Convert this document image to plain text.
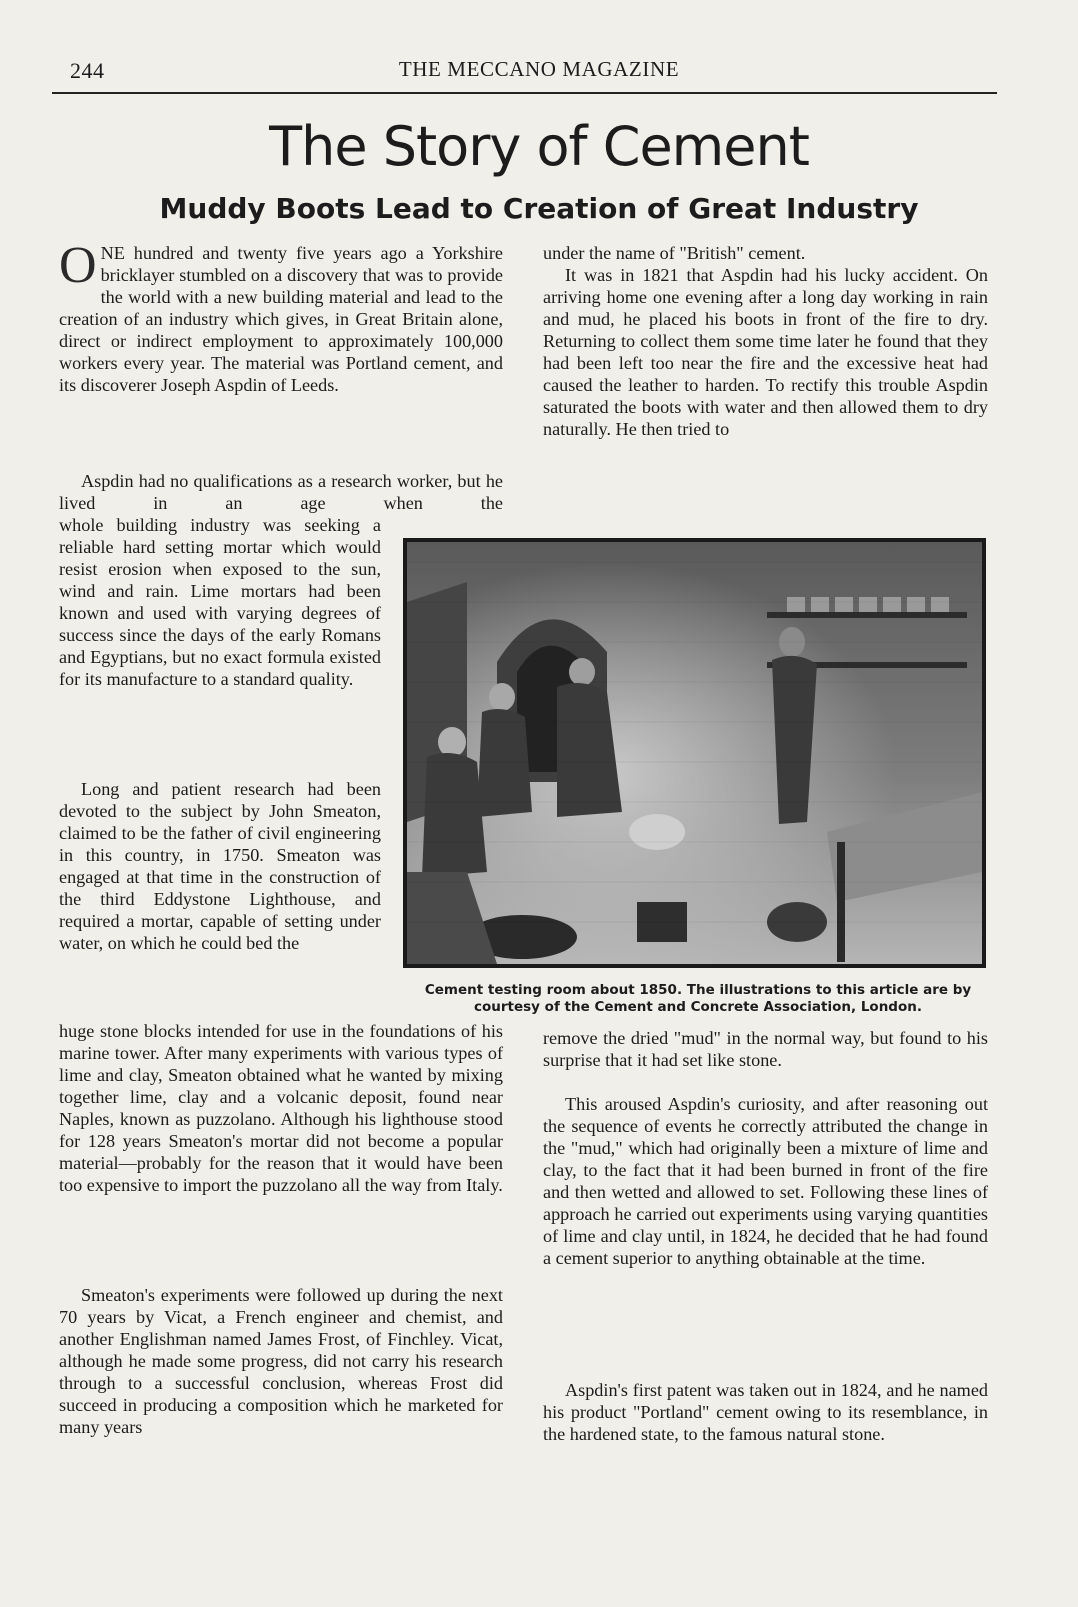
244	THE MECCANO MAGAZINE
The Story of Cement
Muddy Boots Lead to Creation of Great Industry

ONE hundred and twenty five years ago a Yorkshire bricklayer stumbled on a discovery that was to provide the world with a new building material and lead to the creation of an industry which gives, in Great Britain alone, direct or indirect employment to approximately 100,000 workers every year. The material was Portland cement, and its discoverer Joseph Aspdin of Leeds.

Aspdin had no qualifications as a research worker, but he lived in an age when the

whole building industry was seeking a reliable hard setting mortar which would resist erosion when exposed to the sun, wind and rain. Lime mortars had been known and used with varying degrees of success since the days of the early Romans and Egyptians, but no exact formula existed for its manufacture to a standard quality.

Long and patient research had been devoted to the subject by John Smeaton, claimed to be the father of civil engineering in this country, in 1750. Smeaton was engaged at that time in the construction of the third Eddystone Lighthouse, and required a mortar, capable of setting under water, on which he could bed the

huge stone blocks intended for use in the foundations of his marine tower. After many experiments with various types of lime and clay, Smeaton obtained what he wanted by mixing together lime, clay and a volcanic deposit, found near Naples, known as puzzolano. Although his lighthouse stood for 128 years Smeaton's mortar did not become a popular material—probably for the reason that it would have been too expensive to import the puzzolano all the way from Italy.

Smeaton's experiments were followed up during the next 70 years by Vicat, a French engineer and chemist, and another Englishman named James Frost, of Finchley. Vicat, although he made some progress, did not carry his research through to a successful conclusion, whereas Frost did succeed in producing a composition which he marketed for many years

under the name of "British" cement.

It was in 1821 that Aspdin had his lucky accident. On arriving home one evening after a long day working in rain and mud, he placed his boots in front of the fire to dry. Returning to collect them some time later he found that they had been left too near the fire and the excessive heat had caused the leather to harden. To rectify this trouble Aspdin saturated the boots with water and then allowed them to dry naturally. He then tried to

Cement testing room about 1850. The illustrations to this article are by courtesy of the Cement and Concrete Association, London.

remove the dried "mud" in the normal way, but found to his surprise that it had set like stone.

This aroused Aspdin's curiosity, and after reasoning out the sequence of events he correctly attributed the change in the "mud," which had originally been a mixture of lime and clay, to the fact that it had been burned in front of the fire and then wetted and allowed to set. Following these lines of approach he carried out experiments using varying quantities of lime and clay until, in 1824, he decided that he had found a cement superior to anything obtainable at the time.

Aspdin's first patent was taken out in 1824, and he named his product "Portland" cement owing to its resemblance, in the hardened state, to the famous natural stone.
